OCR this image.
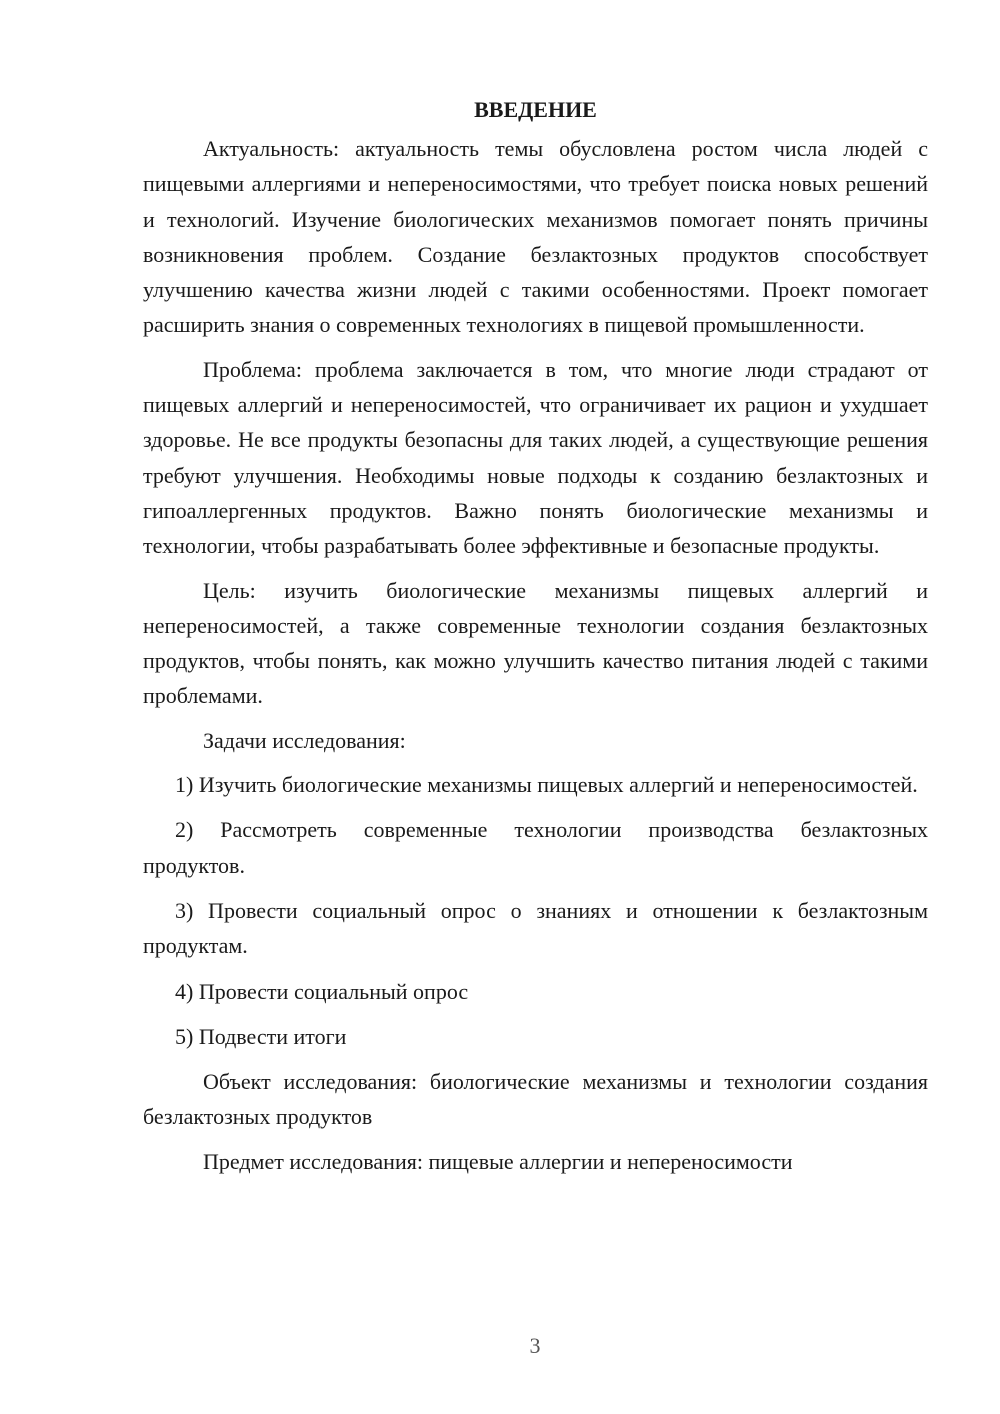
ВВЕДЕНИЕ

Актуальность: актуальность темы обусловлена ростом числа людей с пищевыми аллергиями и непереносимостями, что требует поиска новых решений и технологий. Изучение биологических механизмов помогает понять причины возникновения проблем. Создание безлактозных продуктов способствует улучшению качества жизни людей с такими особенностями. Проект помогает расширить знания о современных технологиях в пищевой промышленности.

Проблема: проблема заключается в том, что многие люди страдают от пищевых аллергий и непереносимостей, что ограничивает их рацион и ухудшает здоровье. Не все продукты безопасны для таких людей, а существующие решения требуют улучшения. Необходимы новые подходы к созданию безлактозных и гипоаллергенных продуктов. Важно понять биологические механизмы и технологии, чтобы разрабатывать более эффективные и безопасные продукты.

Цель: изучить биологические механизмы пищевых аллергий и непереносимостей, а также современные технологии создания безлактозных продуктов, чтобы понять, как можно улучшить качество питания людей с такими проблемами.

Задачи исследования:

1) Изучить биологические механизмы пищевых аллергий и непереносимостей.

2) Рассмотреть современные технологии производства безлактозных продуктов.

3) Провести социальный опрос о знаниях и отношении к безлактозным продуктам.

4) Провести социальный опрос

5) Подвести итоги

Объект исследования: биологические механизмы и технологии создания безлактозных продуктов

Предмет исследования: пищевые аллергии и непереносимости

3
